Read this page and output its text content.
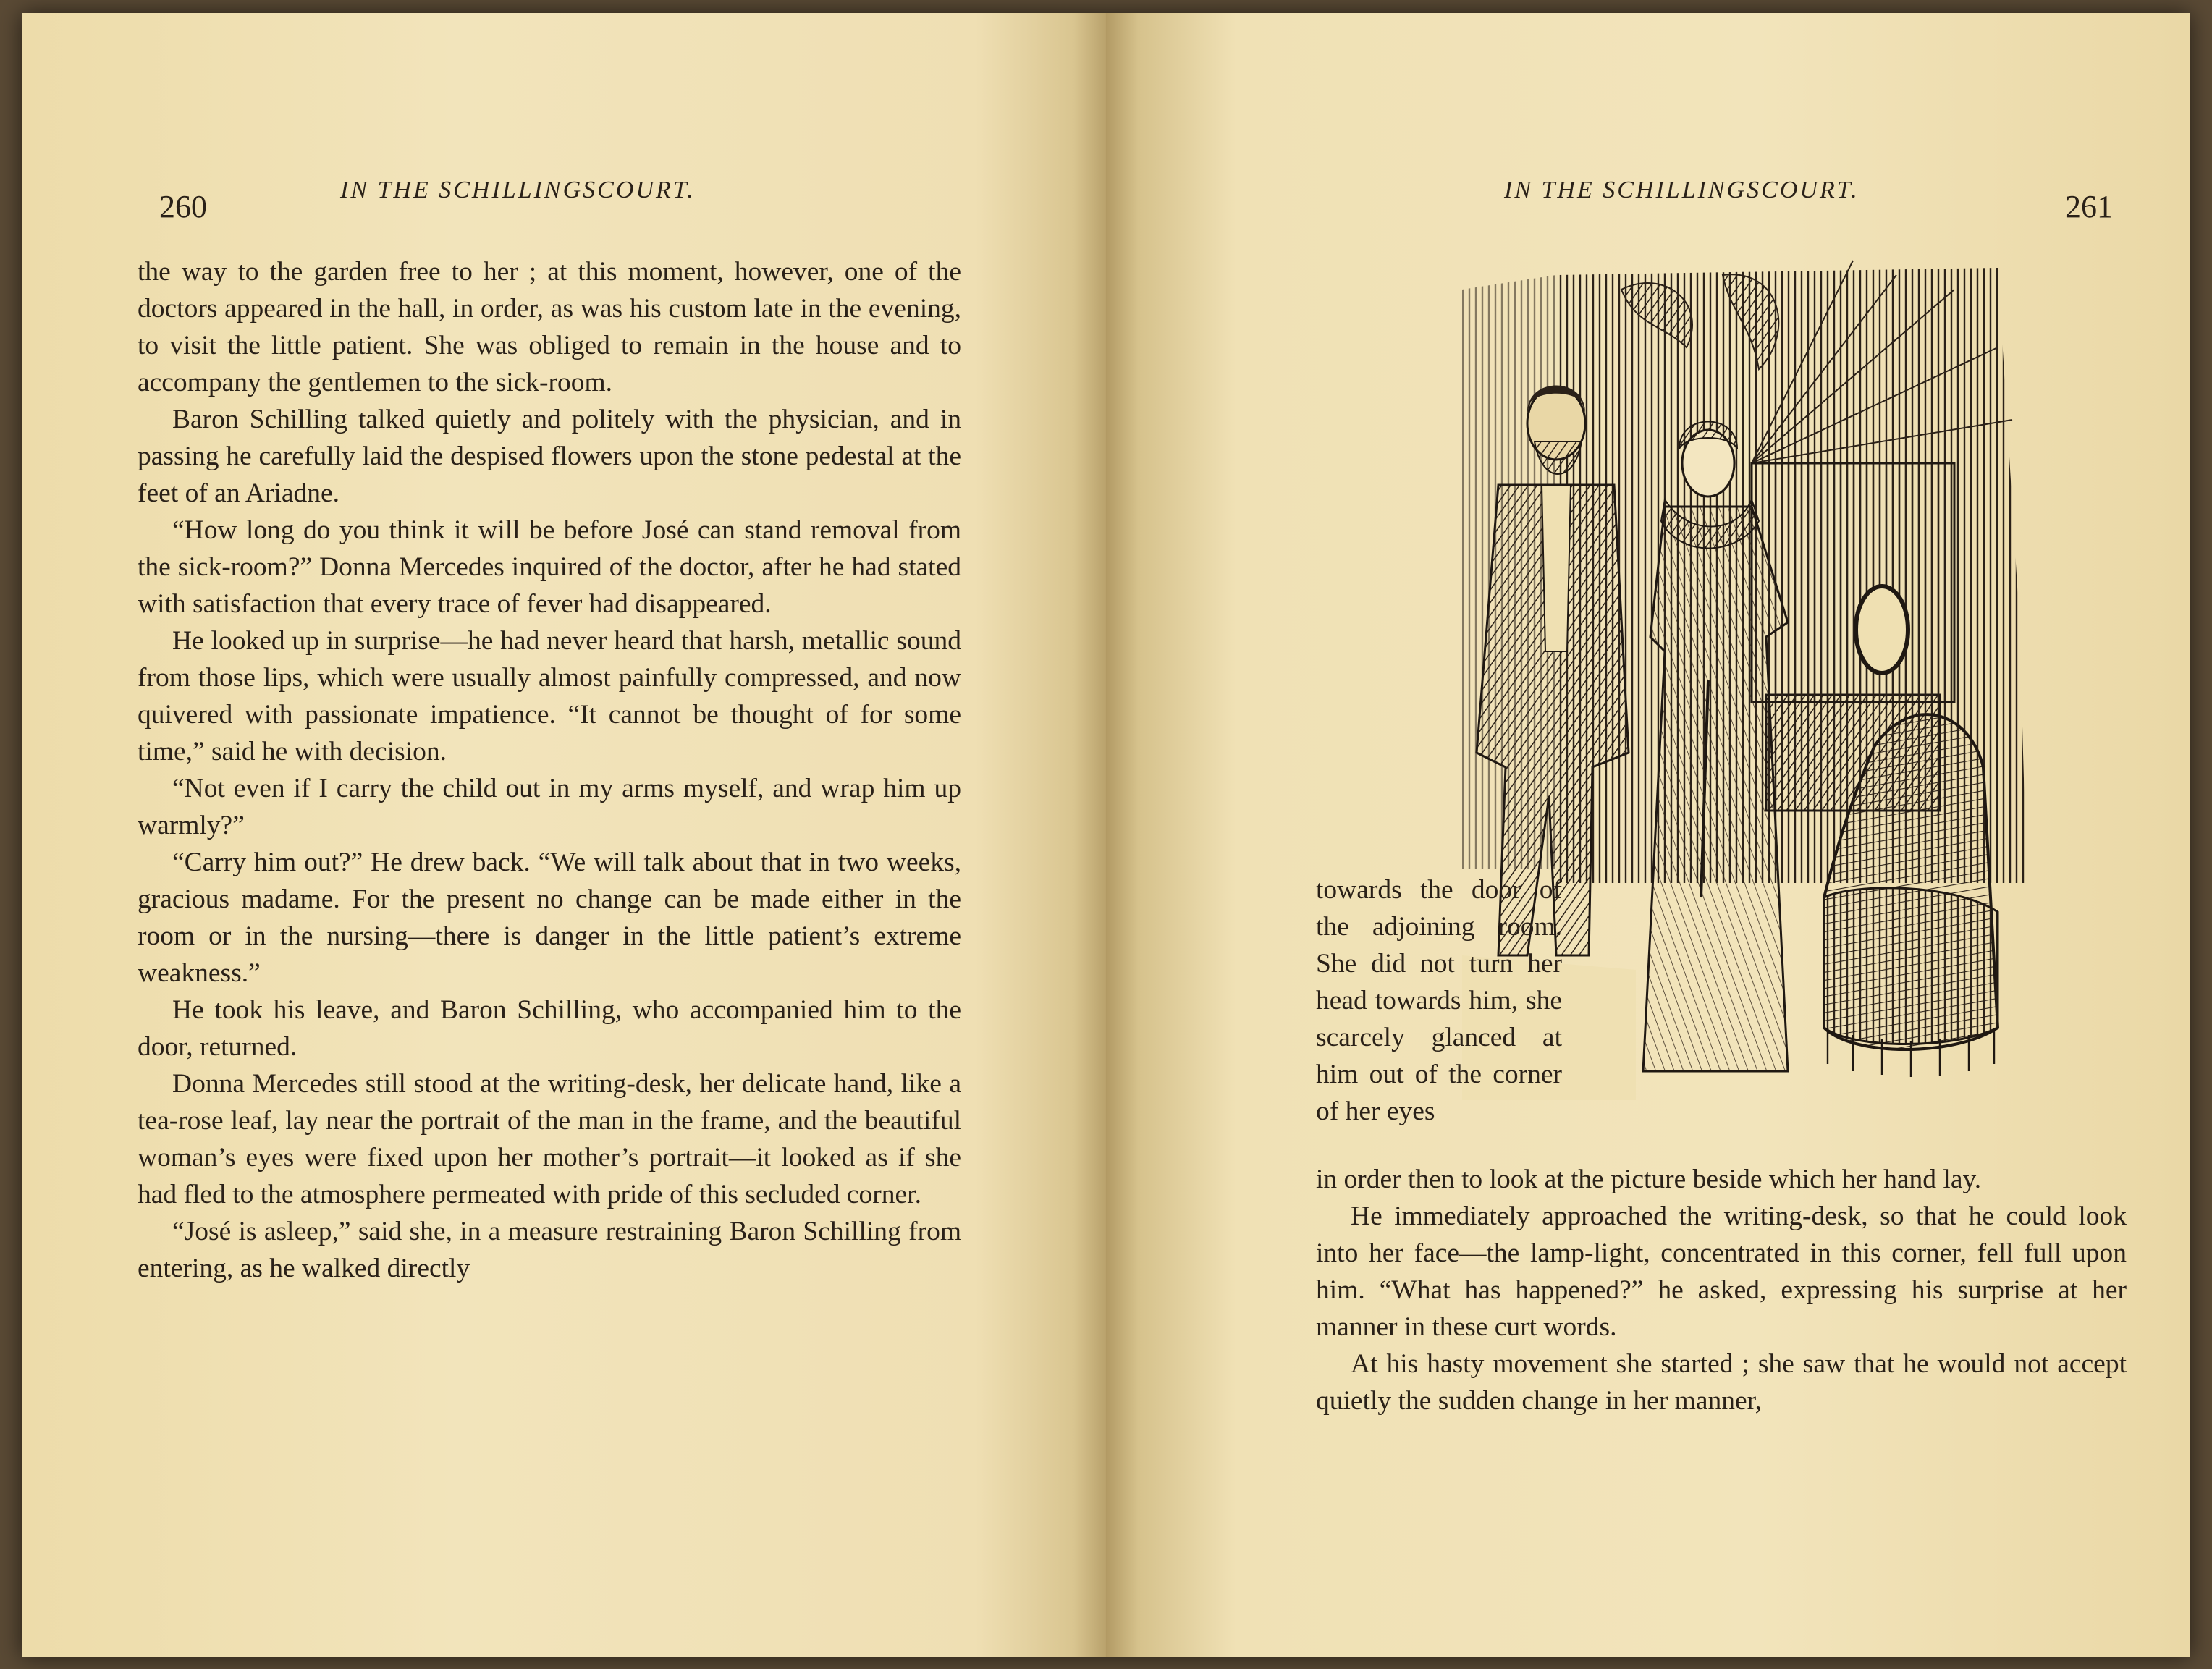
260	IN THE SCHILLINGSCOURT.

the way to the garden free to her ; at this moment, however, one of the doctors appeared in the hall, in order, as was his custom late in the evening, to visit the little patient. She was obliged to remain in the house and to accompany the gentlemen to the sick-room.

Baron Schilling talked quietly and politely with the physician, and in passing he carefully laid the despised flowers upon the stone pedestal at the feet of an Ariadne.

“How long do you think it will be before José can stand removal from the sick-room?” Donna Mercedes inquired of the doctor, after he had stated with satisfaction that every trace of fever had disappeared.

He looked up in surprise—he had never heard that harsh, metallic sound from those lips, which were usually almost painfully compressed, and now quivered with passionate impatience. “It cannot be thought of for some time,” said he with decision.

“Not even if I carry the child out in my arms myself, and wrap him up warmly?”

“Carry him out?” He drew back. “We will talk about that in two weeks, gracious madame. For the present no change can be made either in the room or in the nursing—there is danger in the little patient’s extreme weakness.”

He took his leave, and Baron Schilling, who accompanied him to the door, returned.

Donna Mercedes still stood at the writing-desk, her delicate hand, like a tea-rose leaf, lay near the portrait of the man in the frame, and the beautiful woman’s eyes were fixed upon her mother’s portrait—it looked as if she had fled to the atmosphere permeated with pride of this secluded corner.

“José is asleep,” said she, in a measure restraining Baron Schilling from entering, as he walked directly

IN THE SCHILLINGSCOURT.	261
towards the door of the adjoining room. She did not turn her head towards him, she scarcely glanced at him out of the corner of her eyes

in order then to look at the picture beside which her hand lay.

He immediately approached the writing-desk, so that he could look into her face—the lamp-light, concentrated in this corner, fell full upon him. “What has happened?” he asked, expressing his surprise at her manner in these curt words.

At his hasty movement she started ; she saw that he would not accept quietly the sudden change in her manner,
